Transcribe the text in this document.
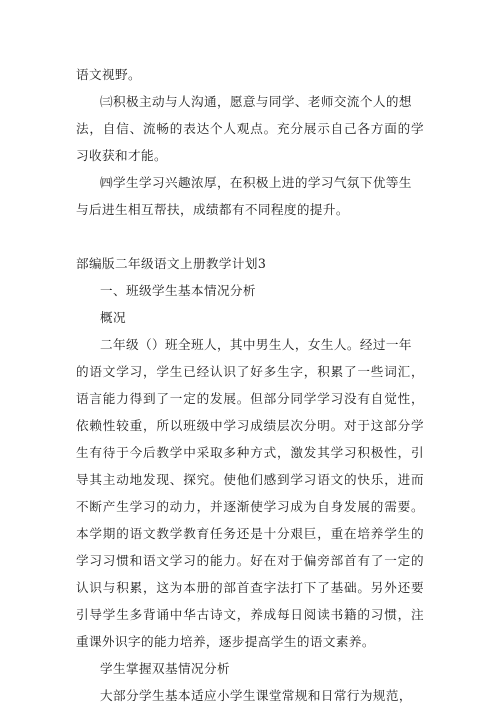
语文视野。
㈢积极主动与人沟通，愿意与同学、老师交流个人的想
法，自信、流畅的表达个人观点。充分展示自己各方面的学
习收获和才能。
㈣学生学习兴趣浓厚，在积极上进的学习气氛下优等生
与后进生相互帮扶，成绩都有不同程度的提升。
部编版二年级语文上册教学计划3
一、班级学生基本情况分析
概况
二年级（）班全班人，其中男生人，女生人。经过一年
的语文学习，学生已经认识了好多生字，积累了一些词汇，
语言能力得到了一定的发展。但部分同学学习没有自觉性，
依赖性较重，所以班级中学习成绩层次分明。对于这部分学
生有待于今后教学中采取多种方式，激发其学习积极性，引
导其主动地发现、探究。使他们感到学习语文的快乐，进而
不断产生学习的动力，并逐渐使学习成为自身发展的需要。
本学期的语文教学教育任务还是十分艰巨，重在培养学生的
学习习惯和语文学习的能力。好在对于偏旁部首有了一定的
认识与积累，这为本册的部首查字法打下了基础。另外还要
引导学生多背诵中华古诗文，养成每日阅读书籍的习惯，注
重课外识字的能力培养，逐步提高学生的语文素养。
学生掌握双基情况分析
大部分学生基本适应小学生课堂常规和日常行为规范，
